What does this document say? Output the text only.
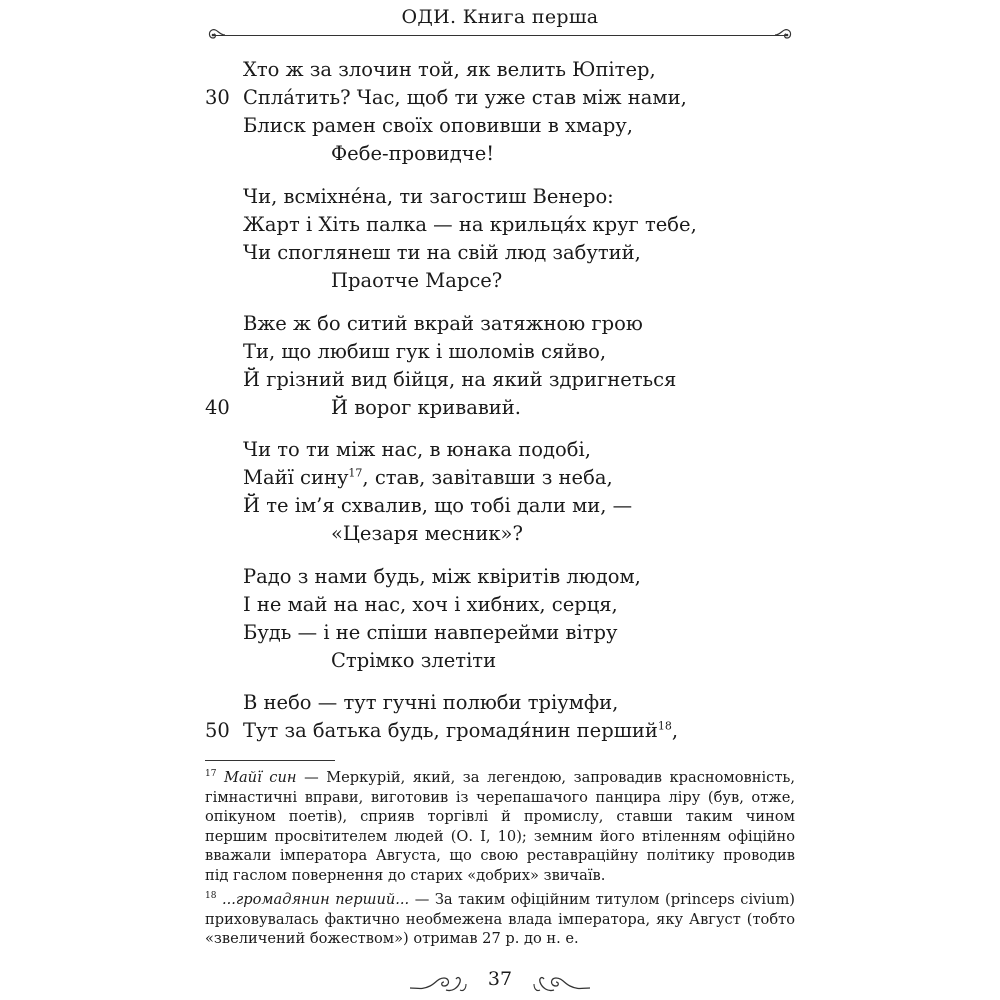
ОДИ. Книга перша
Хто ж за злочин той, як велить Юпітер,
30 Спла́тить? Час, щоб ти уже став між нами,
Блиск рамен своїх оповивши в хмару,
Фебе-провидче!
Чи, всміхнéна, ти загостиш Венеро:
Жарт і Хіть палка — на крильця́х круг тебе,
Чи споглянеш ти на свій люд забутий,
Праотче Марсе?
Вже ж бо ситий вкрай затяжною грою
Ти, що любиш гук і шоломів сяйво,
Й грізний вид бійця, на який здригнеться
40	Й ворог кривавий.
Чи то ти між нас, в юнака подобі,
Майї сину$^{17}$, став, завітавши з неба,
Й те ім’я схвалив, що тобі дали ми, —
«Цезаря месник»?
Радо з нами будь, між квіритів людом,
І не май на нас, хоч і хибних, серця,
Будь — і не спіши навперейми вітру
Стрімко злетіти
В небо — тут гучні полюби тріумфи,
50 Тут за батька будь, громадя́нин перший$^{18}$,
$^{17}$ Майї син — Меркурій, який, за легендою, запровадив красномовність, гімнастичні вправи, виготовив із черепашачого панцира ліру (був, отже, опікуном поетів), сприяв торгівлі й промислу, ставши таким чином першим просвітителем людей (О. І, 10); земним його втіленням офіційно вважали імператора Августа, що свою реставраційну політику проводив під гаслом повернення до старих «добрих» звичаїв.
$^{18}$ ...громадянин перший... — За таким офіційним титулом (princeps civium) приховувалась фактично необмежена влада імператора, яку Август (тобто «звеличений божеством») отримав 27 р. до н. е.
37
